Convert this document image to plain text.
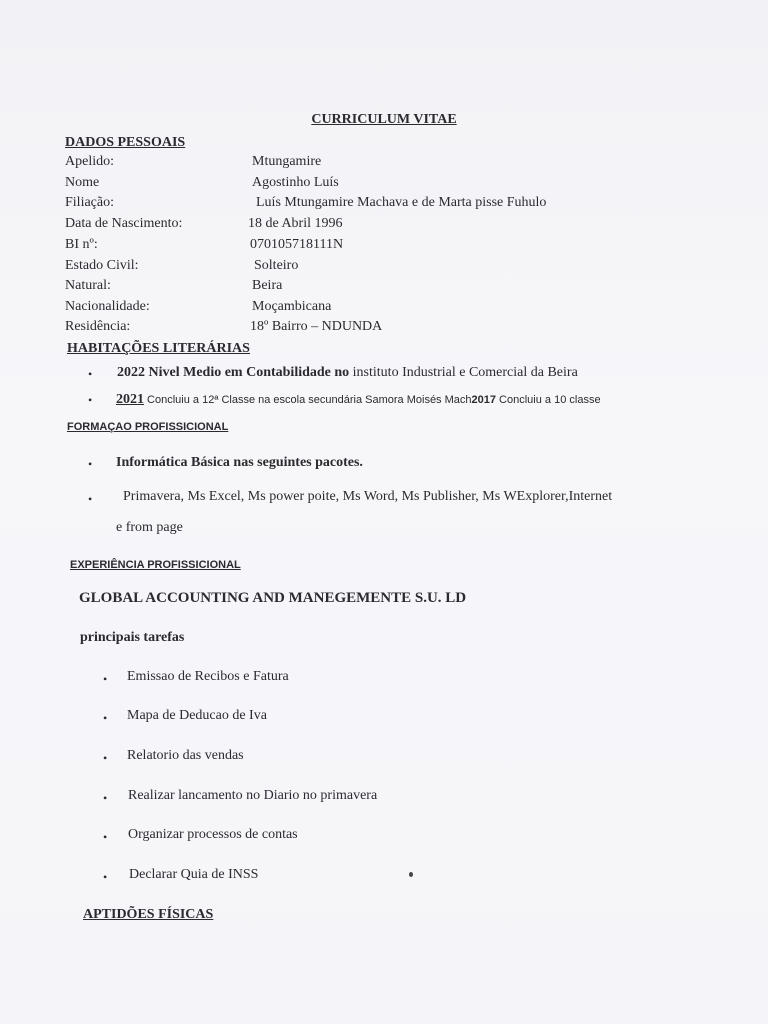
CURRICULUM VITAE
DADOS PESSOAIS
Apelido:	Mtungamire
Nome	Agostinho Luís
Filiação:	Luís Mtungamire Machava e de Marta pisse Fuhulo
Data de Nascimento:	18 de Abril 1996
BI nº:	070105718111N
Estado Civil:	Solteiro
Natural:	Beira
Nacionalidade:	Moçambicana
Residência:	18º Bairro – NDUNDA
HABITAÇÕES LITERÁRIAS
• 2022 Nivel Medio em Contabilidade no instituto Industrial e Comercial da Beira
• 2021 Concluiu a 12ª Classe na escola secundária Samora Moisés Mach2017 Concluiu a 10 classe
FORMAÇAO PROFISSICIONAL
• Informática Básica nas seguintes pacotes.
• Primavera, Ms Excel, Ms power poite, Ms Word, Ms Publisher, Ms WExplorer,Internet
e from page
EXPERIÊNCIA PROFISSICIONAL
GLOBAL ACCOUNTING AND MANEGEMENTE S.U. LD
principais tarefas
• Emissao de Recibos e Fatura
• Mapa de Deducao de Iva
• Relatorio das vendas
• Realizar lancamento no Diario no primavera
• Organizar processos de contas
• Declarar Quia de INSS
APTIDÕES FÍSICAS
